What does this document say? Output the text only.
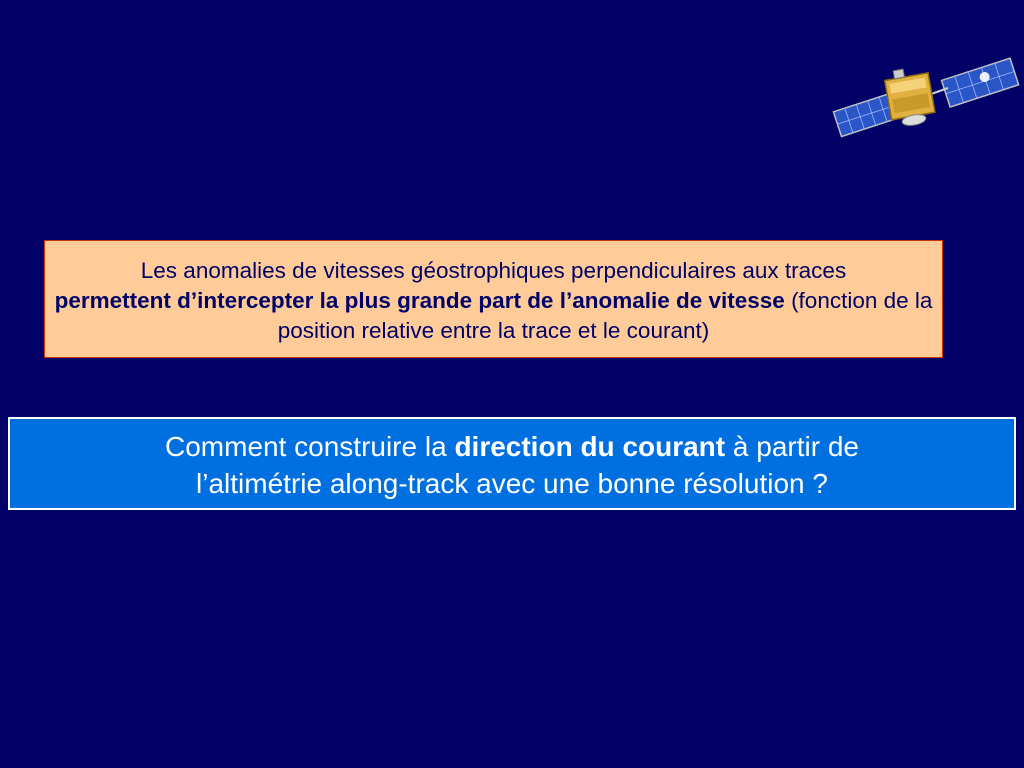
Les anomalies de vitesses géostrophiques perpendiculaires aux traces
permettent d’intercepter la plus grande part de l’anomalie de vitesse (fonction de la position relative entre la trace et le courant)
Comment construire la direction du courant à partir de
l’altimétrie along-track avec une bonne résolution ?
